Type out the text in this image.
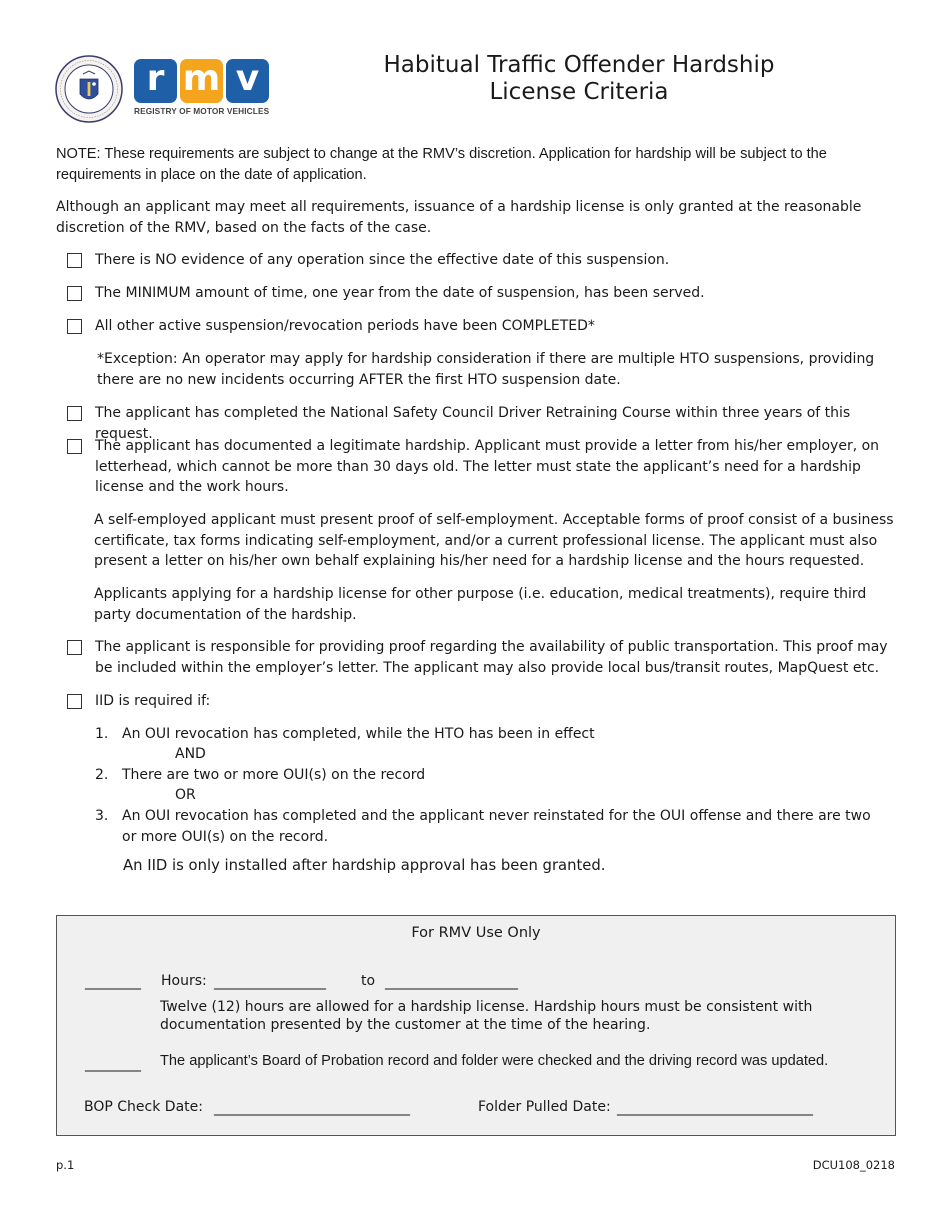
r m v
REGISTRY OF MOTOR VEHICLES
Habitual Traffic Offender Hardship
License Criteria
NOTE: These requirements are subject to change at the RMV’s discretion. Application for hardship will be subject to the requirements in place on the date of application.
Although an applicant may meet all requirements, issuance of a hardship license is only granted at the reasonable discretion of the RMV, based on the facts of the case.
There is NO evidence of any operation since the effective date of this suspension.
The MINIMUM amount of time, one year from the date of suspension, has been served.
All other active suspension/revocation periods have been COMPLETED*
*Exception: An operator may apply for hardship consideration if there are multiple HTO suspensions, providing there are no new incidents occurring AFTER the first HTO suspension date.
The applicant has completed the National Safety Council Driver Retraining Course within three years of this request.
The applicant has documented a legitimate hardship. Applicant must provide a letter from his/her employer, on letterhead, which cannot be more than 30 days old. The letter must state the applicant’s need for a hardship license and the work hours.
A self-employed applicant must present proof of self-employment. Acceptable forms of proof consist of a business certificate, tax forms indicating self-employment, and/or a current professional license. The applicant must also present a letter on his/her own behalf explaining his/her need for a hardship license and the hours requested.
Applicants applying for a hardship license for other purpose (i.e. education, medical treatments), require third party documentation of the hardship.
The applicant is responsible for providing proof regarding the availability of public transportation. This proof may be included within the employer’s letter. The applicant may also provide local bus/transit routes, MapQuest etc.
IID is required if:
1. An OUI revocation has completed, while the HTO has been in effect
AND
2. There are two or more OUI(s) on the record
OR
3. An OUI revocation has completed and the applicant never reinstated for the OUI offense and there are two or more OUI(s) on the record.
An IID is only installed after hardship approval has been granted.
For RMV Use Only
________ Hours: ________________	to ___________________
Twelve (12) hours are allowed for a hardship license. Hardship hours must be consistent with documentation presented by the customer at the time of the hearing.
________ The applicant’s Board of Probation record and folder were checked and the driving record was updated.
BOP Check Date: ____________________________	Folder Pulled Date: ____________________________
p.1	DCU108_0218
